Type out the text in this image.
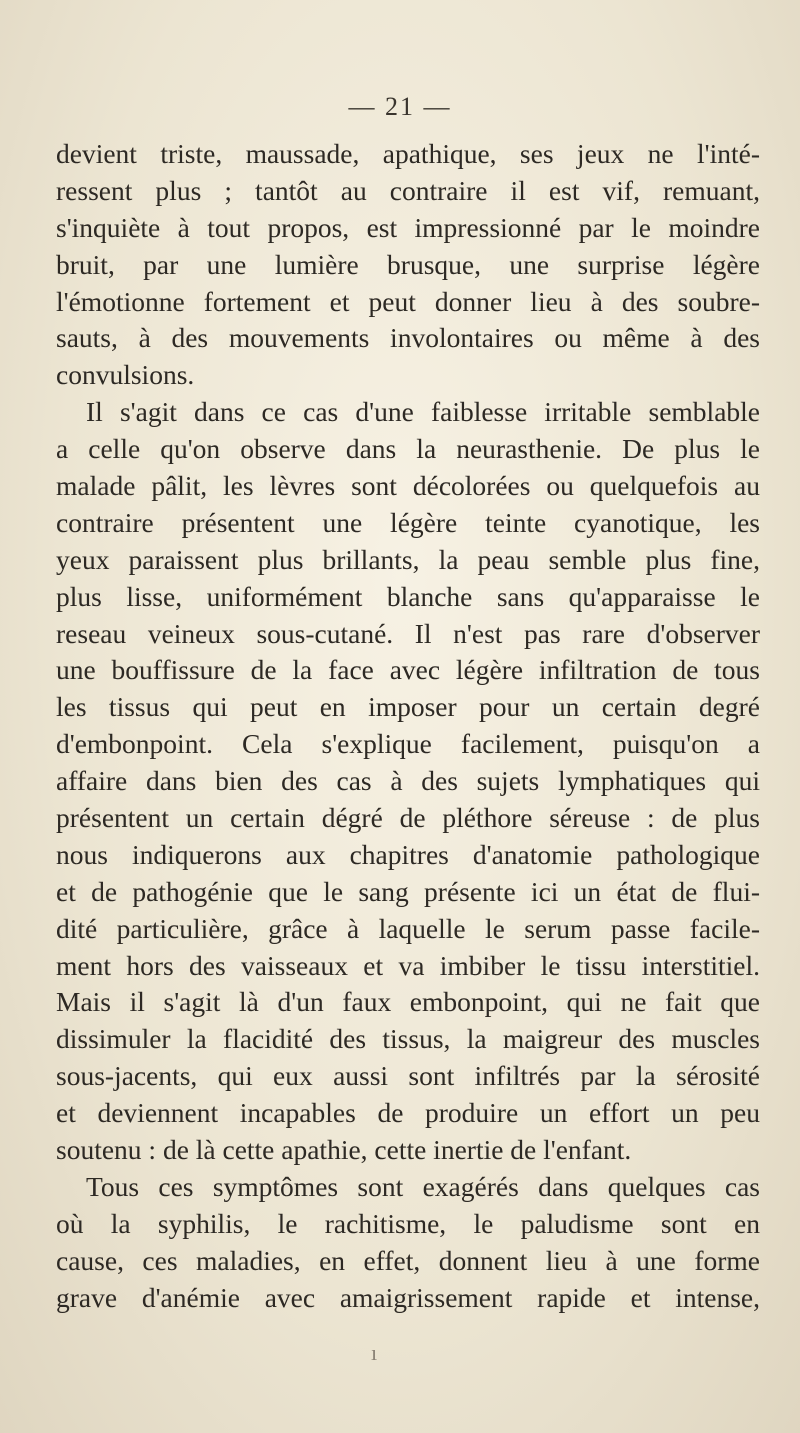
— 21 —
devient triste, maussade, apathique, ses jeux ne l'inté-
ressent plus ; tantôt au contraire il est vif, remuant,
s'inquiète à tout propos, est impressionné par le moindre
bruit, par une lumière brusque, une surprise légère
l'émotionne fortement et peut donner lieu à des soubre-
sauts, à des mouvements involontaires ou même à des
convulsions.
Il s'agit dans ce cas d'une faiblesse irritable semblable
a celle qu'on observe dans la neurasthenie. De plus le
malade pâlit, les lèvres sont décolorées ou quelquefois au
contraire présentent une légère teinte cyanotique, les
yeux paraissent plus brillants, la peau semble plus fine,
plus lisse, uniformément blanche sans qu'apparaisse le
reseau veineux sous-cutané. Il n'est pas rare d'observer
une bouffissure de la face avec légère infiltration de tous
les tissus qui peut en imposer pour un certain degré
d'embonpoint. Cela s'explique facilement, puisqu'on a
affaire dans bien des cas à des sujets lymphatiques qui
présentent un certain dégré de pléthore séreuse : de plus
nous indiquerons aux chapitres d'anatomie pathologique
et de pathogénie que le sang présente ici un état de flui-
dité particulière, grâce à laquelle le serum passe facile-
ment hors des vaisseaux et va imbiber le tissu interstitiel.
Mais il s'agit là d'un faux embonpoint, qui ne fait que
dissimuler la flacidité des tissus, la maigreur des muscles
sous-jacents, qui eux aussi sont infiltrés par la sérosité
et deviennent incapables de produire un effort un peu
soutenu : de là cette apathie, cette inertie de l'enfant.
Tous ces symptômes sont exagérés dans quelques cas
où la syphilis, le rachitisme, le paludisme sont en
cause, ces maladies, en effet, donnent lieu à une forme
grave d'anémie avec amaigrissement rapide et intense,
ı
